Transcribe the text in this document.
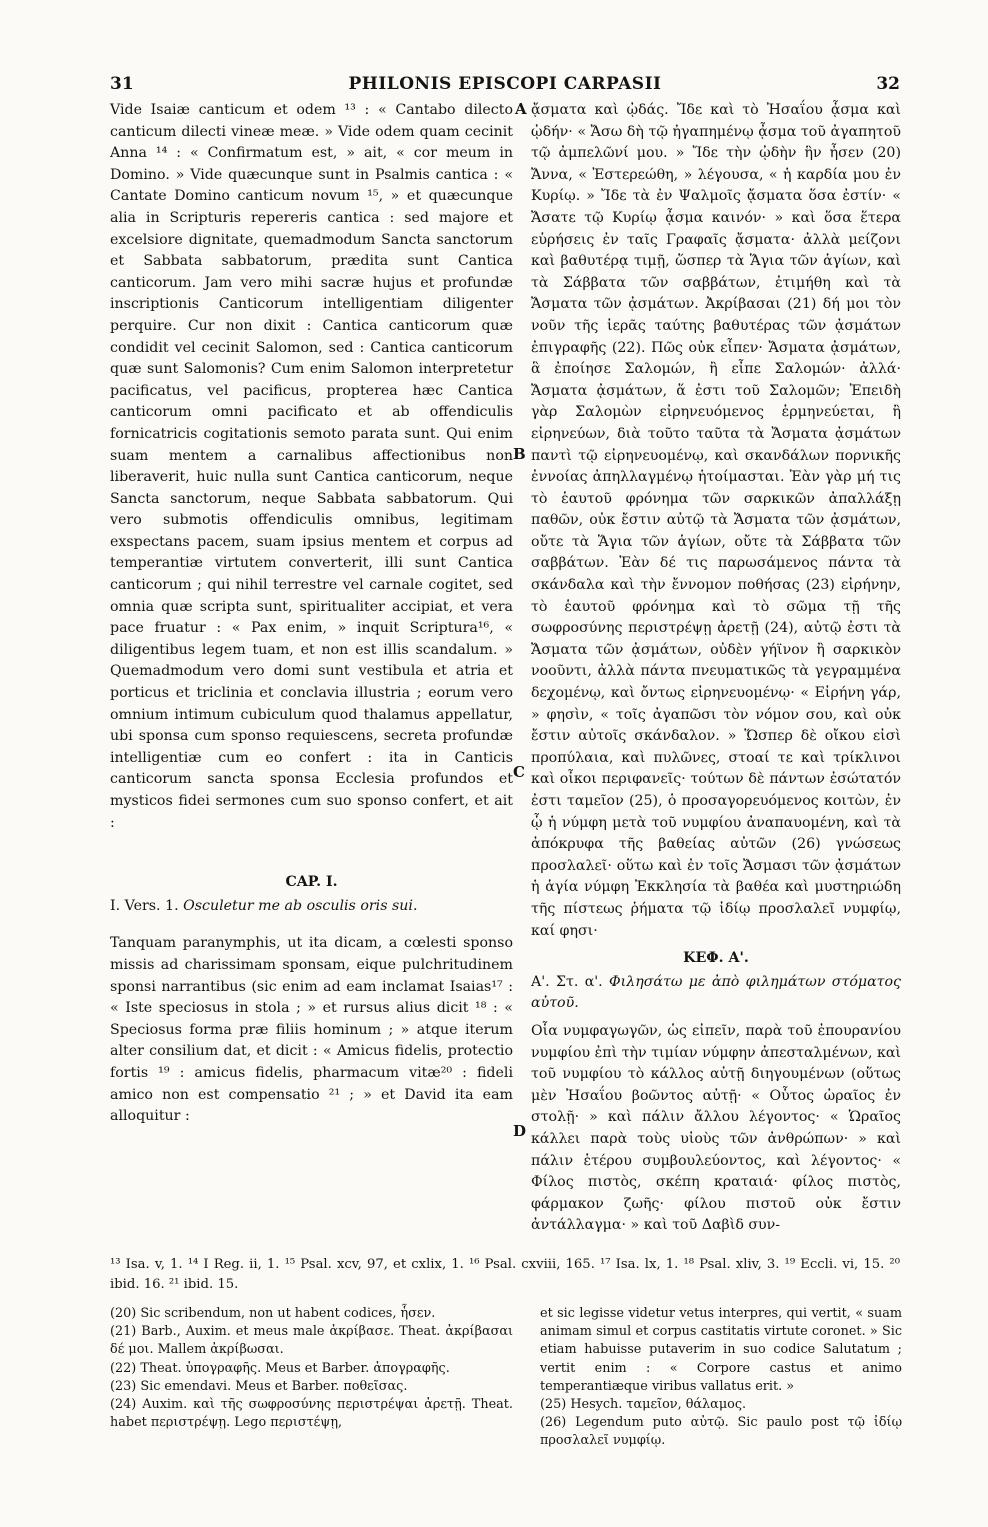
31	PHILONIS EPISCOPI CARPASII	32
A
B
C
D

Vide Isaiæ canticum et odem ¹³ : « Cantabo dilecto canticum dilecti vineæ meæ. » Vide odem quam cecinit Anna ¹⁴ : « Confirmatum est, » ait, « cor meum in Domino. » Vide quæcunque sunt in Psalmis cantica : « Cantate Domino canticum novum ¹⁵, » et quæcunque alia in Scripturis repereris cantica : sed majore et excelsiore dignitate, quemadmodum Sancta sanctorum et Sabbata sabbatorum, prædita sunt Cantica canticorum. Jam vero mihi sacræ hujus et profundæ inscriptionis Canticorum intelligentiam diligenter perquire. Cur non dixit : Cantica canticorum quæ condidit vel cecinit Salomon, sed : Cantica canticorum quæ sunt Salomonis? Cum enim Salomon interpretetur pacificatus, vel pacificus, propterea hæc Cantica canticorum omni pacificato et ab offendiculis fornicatricis cogitationis semoto parata sunt. Qui enim suam mentem a carnalibus affectionibus non liberaverit, huic nulla sunt Cantica canticorum, neque Sancta sanctorum, neque Sabbata sabbatorum. Qui vero submotis offendiculis omnibus, legitimam exspectans pacem, suam ipsius mentem et corpus ad temperantiæ virtutem converterit, illi sunt Cantica canticorum ; qui nihil terrestre vel carnale cogitet, sed omnia quæ scripta sunt, spiritualiter accipiat, et vera pace fruatur : « Pax enim, » inquit Scriptura¹⁶, « diligentibus legem tuam, et non est illis scandalum. » Quemadmodum vero domi sunt vestibula et atria et porticus et triclinia et conclavia illustria ; eorum vero omnium intimum cubiculum quod thalamus appellatur, ubi sponsa cum sponso requiescens, secreta profundæ intelligentiæ cum eo confert : ita in Canticis canticorum sancta sponsa Ecclesia profundos et mysticos fidei sermones cum suo sponso confert, et ait :

CAP. I.

I. Vers. 1. Osculetur me ab osculis oris sui.

Tanquam paranymphis, ut ita dicam, a cœlesti sponso missis ad charissimam sponsam, eique pulchritudinem sponsi narrantibus (sic enim ad eam inclamat Isaias¹⁷ : « Iste speciosus in stola ; » et rursus alius dicit ¹⁸ : « Speciosus forma præ filiis hominum ; » atque iterum alter consilium dat, et dicit : « Amicus fidelis, protectio fortis ¹⁹ : amicus fidelis, pharmacum vitæ²⁰ : fideli amico non est compensatio ²¹ ; » et David ita eam alloquitur :

ᾄσματα καὶ ᾠδάς. Ἴδε καὶ τὸ Ἠσαΐου ᾆσμα καὶ ᾠδήν· « Ἄσω δὴ τῷ ἠγαπημένῳ ᾆσμα τοῦ ἀγαπητοῦ τῷ ἀμπελῶνί μου. » Ἴδε τὴν ᾠδὴν ἣν ἦσεν (20) Ἄννα, « Ἐστερεώθη, » λέγουσα, « ἡ καρδία μου ἐν Κυρίῳ. » Ἴδε τὰ ἐν Ψαλμοῖς ᾄσματα ὅσα ἐστίν· « Ἄσατε τῷ Κυρίῳ ᾆσμα καινόν· » καὶ ὅσα ἕτερα εὑρήσεις ἐν ταῖς Γραφαῖς ᾄσματα· ἀλλὰ μείζονι καὶ βαθυτέρᾳ τιμῇ, ὥσπερ τὰ Ἅγια τῶν ἁγίων, καὶ τὰ Σάββατα τῶν σαββάτων, ἐτιμήθη καὶ τὰ Ἄσματα τῶν ᾀσμάτων. Ἀκρίβασαι (21) δή μοι τὸν νοῦν τῆς ἱερᾶς ταύτης βαθυτέρας τῶν ᾀσμάτων ἐπιγραφῆς (22). Πῶς οὐκ εἶπεν· Ἄσματα ᾀσμάτων, ἃ ἐποίησε Σαλομών, ἢ εἶπε Σαλομών· ἀλλά· Ἄσματα ᾀσμάτων, ἅ ἐστι τοῦ Σαλομῶν; Ἐπειδὴ γὰρ Σαλομὼν εἰρηνευόμενος ἑρμηνεύεται, ἢ εἰρηνεύων, διὰ τοῦτο ταῦτα τὰ Ἄσματα ᾀσμάτων παντὶ τῷ εἰρηνευομένῳ, καὶ σκανδάλων πορνικῆς ἐννοίας ἀπηλλαγμένῳ ἡτοίμασται. Ἐὰν γὰρ μή τις τὸ ἑαυτοῦ φρόνημα τῶν σαρκικῶν ἀπαλλάξῃ παθῶν, οὐκ ἔστιν αὐτῷ τὰ Ἄσματα τῶν ᾀσμάτων, οὔτε τὰ Ἅγια τῶν ἁγίων, οὔτε τὰ Σάββατα τῶν σαββάτων. Ἐὰν δέ τις παρωσάμενος πάντα τὰ σκάνδαλα καὶ τὴν ἔννομον ποθήσας (23) εἰρήνην, τὸ ἑαυτοῦ φρόνημα καὶ τὸ σῶμα τῇ τῆς σωφροσύνης περιστρέψῃ ἀρετῇ (24), αὐτῷ ἐστι τὰ Ἄσματα τῶν ᾀσμάτων, οὐδὲν γήϊνον ἢ σαρκικὸν νοοῦντι, ἀλλὰ πάντα πνευματικῶς τὰ γεγραμμένα δεχομένῳ, καὶ ὄντως εἰρηνευομένῳ· « Εἰρήνη γάρ, » φησὶν, « τοῖς ἀγαπῶσι τὸν νόμον σου, καὶ οὐκ ἔστιν αὐτοῖς σκάνδαλον. » Ὥσπερ δὲ οἴκου εἰσὶ προπύλαια, καὶ πυλῶνες, στοαί τε καὶ τρίκλινοι καὶ οἶκοι περιφανεῖς· τούτων δὲ πάντων ἐσώτατόν ἐστι ταμεῖον (25), ὁ προσαγορευόμενος κοιτὼν, ἐν ᾧ ἡ νύμφη μετὰ τοῦ νυμφίου ἀναπαυομένη, καὶ τὰ ἀπόκρυφα τῆς βαθείας αὐτῶν (26) γνώσεως προσλαλεῖ· οὕτω καὶ ἐν τοῖς Ἄσμασι τῶν ᾀσμάτων ἡ ἁγία νύμφη Ἐκκλησία τὰ βαθέα καὶ μυστηριώδη τῆς πίστεως ῥήματα τῷ ἰδίῳ προσλαλεῖ νυμφίῳ, καί φησι·

ΚΕΦ. Α'.

Α'. Στ. α'. Φιλησάτω με ἀπὸ φιλημάτων στόματος αὐτοῦ.

Οἷα νυμφαγωγῶν, ὡς εἰπεῖν, παρὰ τοῦ ἐπουρανίου νυμφίου ἐπὶ τὴν τιμίαν νύμφην ἀπεσταλμένων, καὶ τοῦ νυμφίου τὸ κάλλος αὐτῇ διηγουμένων (οὕτως μὲν Ἠσαΐου βοῶντος αὐτῇ· « Οὗτος ὡραῖος ἐν στολῇ· » καὶ πάλιν ἄλλου λέγοντος· « Ὡραῖος κάλλει παρὰ τοὺς υἱοὺς τῶν ἀνθρώπων· » καὶ πάλιν ἑτέρου συμβουλεύοντος, καὶ λέγοντος· « Φίλος πιστὸς, σκέπη κραταιά· φίλος πιστὸς, φάρμακον ζωῆς· φίλου πιστοῦ οὐκ ἔστιν ἀντάλλαγμα· » καὶ τοῦ Δαβὶδ συν-

¹³ Isa. v, 1. ¹⁴ I Reg. ii, 1. ¹⁵ Psal. xcv, 97, et cxlix, 1. ¹⁶ Psal. cxviii, 165. ¹⁷ Isa. lx, 1. ¹⁸ Psal. xliv, 3. ¹⁹ Eccli. vi, 15. ²⁰ ibid. 16. ²¹ ibid. 15.

(20) Sic scribendum, non ut habent codices, ἧσεν.

(21) Barb., Auxim. et meus male ἀκρίβασε. Theat. ἀκρίβασαι δέ μοι. Mallem ἀκρίβωσαι.

(22) Theat. ὑπογραφῆς. Meus et Barber. ἀπογραφῆς.

(23) Sic emendavi. Meus et Barber. ποθεῖσας.

(24) Auxim. καὶ τῆς σωφροσύνης περιστρέψαι ἀρετῇ. Theat. habet περιστρέψῃ. Lego περιστέψῃ,

et sic legisse videtur vetus interpres, qui vertit, « suam animam simul et corpus castitatis virtute coronet. » Sic etiam habuisse putaverim in suo codice Salutatum ; vertit enim : « Corpore castus et animo temperantiæque viribus vallatus erit. »

(25) Hesych. ταμεῖον, θάλαμος.

(26) Legendum puto αὐτῷ. Sic paulo post τῷ ἰδίῳ προσλαλεῖ νυμφίῳ.
